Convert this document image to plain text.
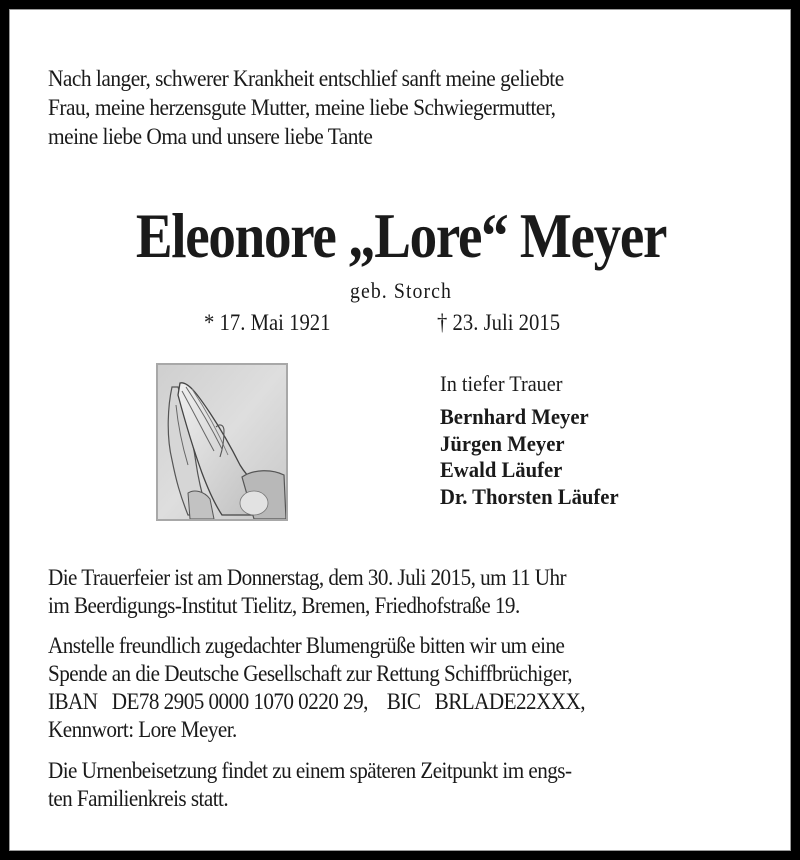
Nach langer, schwerer Krankheit entschlief sanft meine geliebte
Frau, meine herzensgute Mutter, meine liebe Schwiegermutter,
meine liebe Oma und unsere liebe Tante
Eleonore „Lore“ Meyer
geb. Storch
* 17. Mai 1921	† 23. Juli 2015
In tiefer Trauer
Bernhard Meyer
Jürgen Meyer
Ewald Läufer
Dr. Thorsten Läufer
Die Trauerfeier ist am Donnerstag, dem 30. Juli 2015, um 11 Uhr
im Beerdigungs-Institut Tielitz, Bremen, Friedhofstraße 19.
Anstelle freundlich zugedachter Blumengrüße bitten wir um eine
Spende an die Deutsche Gesellschaft zur Rettung Schiffbrüchiger,
IBAN DE78 2905 0000 1070 0220 29, BIC BRLADE22XXX,
Kennwort: Lore Meyer.
Die Urnenbeisetzung findet zu einem späteren Zeitpunkt im engs-
ten Familienkreis statt.
